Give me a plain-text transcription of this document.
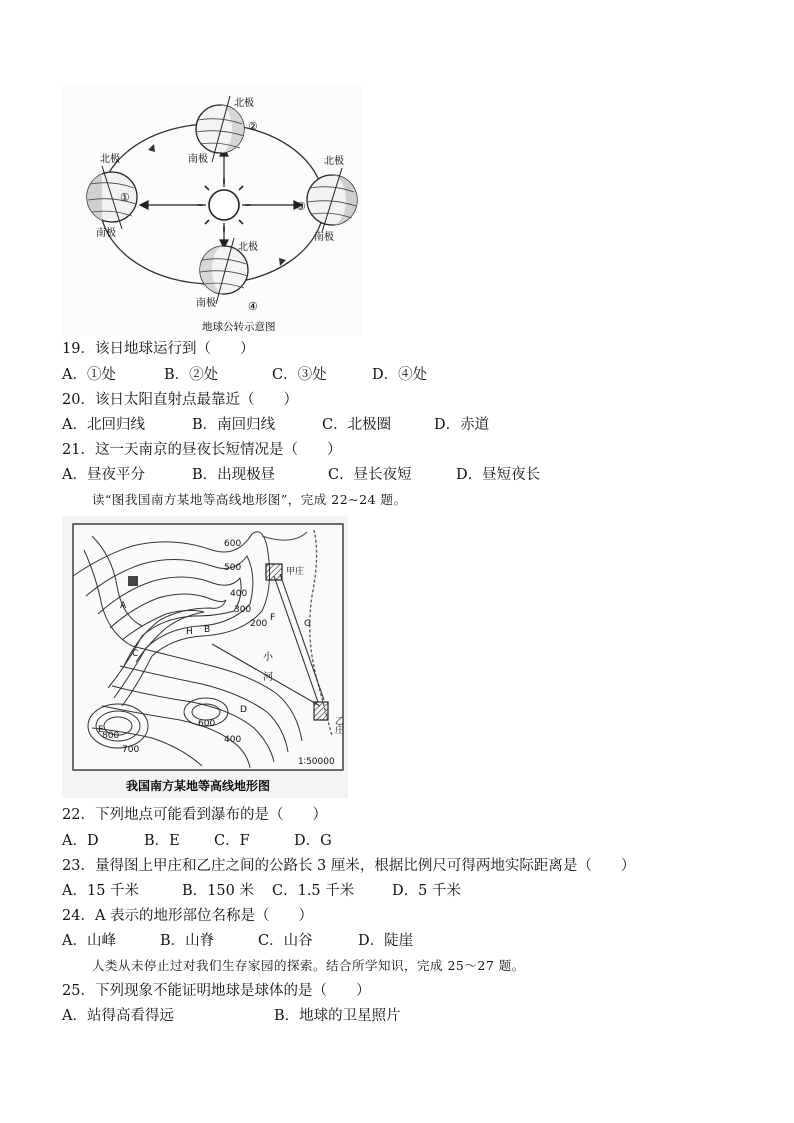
①
北极
南极
②
北极
南极
③
北极
南极
④
北极
南极
地球公转示意图
19．该日地球运行到（　　）
A．①处	B．②处	C．③处	D．④处
20．该日太阳直射点最靠近（　　）
A．北回归线	B．南回归线	C．北极圈	D．赤道
21．这一天南京的昼夜长短情况是（　　）
A．昼夜平分	B．出现极昼	C．昼长夜短	D．昼短夜长
读“图我国南方某地等高线地形图”，完成 22~24 题。
甲庄
乙庄
1∶50000
小　河
A
B
C
D
E
F
G
H
600
500
400
300
200
800
700
600
400
我国南方某地等高线地形图
22．下列地点可能看到瀑布的是（　　）
A．D	B．E C．F	D．G
23．量得图上甲庄和乙庄之间的公路长 3 厘米，根据比例尺可得两地实际距离是（　　）
A．15 千米	B．150 米 C．1.5 千米	D．5 千米
24．A 表示的地形部位名称是（　　）
A．山峰	B．山脊	C．山谷	D．陡崖
人类从未停止过对我们生存家园的探索。结合所学知识，完成 25～27 题。
25．下列现象不能证明地球是球体的是（　　）
A．站得高看得远	B．地球的卫星照片
